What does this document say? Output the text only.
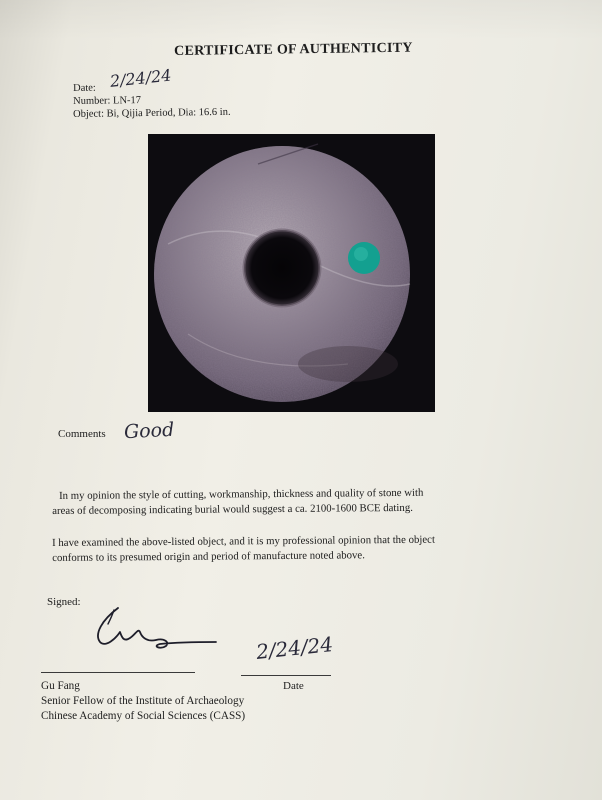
CERTIFICATE OF AUTHENTICITY
Date: 2/24/24
Number: LN-17
Object: Bi, Qijia Period, Dia: 16.6 in.
Comments Good
In my opinion the style of cutting, workmanship, thickness and quality of stone with
areas of decomposing indicating burial would suggest a ca. 2100-1600 BCE dating.
I have examined the above-listed object, and it is my professional opinion that the object
conforms to its presumed origin and period of manufacture noted above.
Signed:
2/24/24
Date
Gu Fang
Senior Fellow of the Institute of Archaeology
Chinese Academy of Social Sciences (CASS)
